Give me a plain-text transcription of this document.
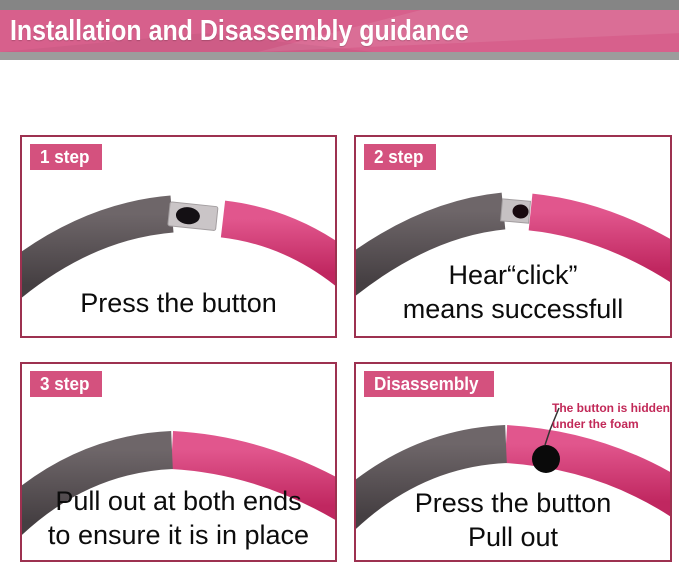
Installation and Disassembly guidance
1 step
Press the button
2 step
Hear“click”
means successfull
3 step
Pull out at both ends
to ensure it is in place
Disassembly
The button is hidden
under the foam
Press the button
Pull out
